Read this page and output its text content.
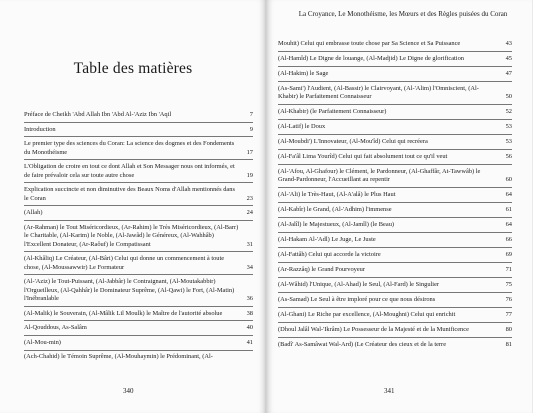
Table des matières
Préface de Cheikh 'Abd Allah Ibn 'Abd Al-'Aziz Ibn 'Aqil	7
Introduction	9
Le premier type des sciences du Coran: La science des dogmes et des Fondements du Monothéisme	17
L'Obligation de croire en tout ce dont Allah et Son Messager nous ont informés, et de faire prévaloir cela sur toute autre chose	19
Explication succincte et non diminutive des Beaux Noms d'Allah mentionnés dans le Coran	23
(Allah)	24
(Ar-Rahman) le Tout Miséricordieux, (Ar-Rahim) le Très Miséricordieux, (Al-Barr) le Charitable, (Al-Karim) le Noble, (Al-Jawâd) le Généreux, (Al-Wahhâb) l'Excellent Donateur, (Ar-Raôuf) le Compatissant	31
(Al-Khâliq) Le Créateur, (Al-Bâri) Celui qui donne un commencement à toute chose, (Al-Moussawwir) Le Formateur	34
(Al-'Aziz) le Tout-Puissant, (Al-Jabbâr) le Contraignant, (Al-Moutakabbir) l'Orgueilleux, (Al-Qahhâr) le Dominateur Suprême, (Al-Qawi) le Fort, (Al-Matin) l'Inébranlable	36
(Al-Malik) le Souverain, (Al-Mâlik Lil Moulk) le Maître de l'autorité absolue	38
Al-Qouddous, As-Salâm	40
(Al-Mou-min)	41
(Ach-Chahid) le Témoin Suprême, (Al-Mouhaymin) le Prédominant, (Al-
340
La Croyance, Le Monothéisme, les Mœurs et des Règles puisées du Coran
Mouhit) Celui qui embrasse toute chose par Sa Science et Sa Puissance	43
(Al-Hamîd) Le Digne de louange, (Al-Madjid) Le Digne de glorification	45
(Al-Hakim) le Sage	47
(As-Sami') l'Audient, (Al-Bassir) le Clairvoyant, (Al-'Alim) l'Omniscient, (Al-Khabir) le Parfaitement Connaisseur	50
(Al-Khabir) (le Parfaitement Connaisseur)	52
(Al-Latif) le Doux	53
(Al-Moubdi') L'Innovateur, (Al-Mou'îd) Celui qui recréera	53
(Al-Fa'âl Lima Yourîd) Celui qui fait absolument tout ce qu'il veut	56
(Al-'Afou, Al-Ghafour) le Clément, le Pardonneur, (Al-Ghaffâr, At-Tawwâb) le Grand-Pardonneur, l'Accueillant au repentir	60
(Al-'Ali) le Très-Haut, (Al-A'alâ) le Plus Haut	64
(Al-Kabîr) le Grand, (Al-'Adhim) l'immense	61
(Al-Jalîl) le Majestueux, (Al-Jamîl) (le Beau)	64
(Al-Hakam Al-'Adl) Le Juge, Le Juste	66
(Al-Fattâh) Celui qui accorde la victoire	69
(Ar-Razzâq) le Grand Pourvoyeur	71
(Al-Wâhid) l'Unique, (Al-Ahad) le Seul, (Al-Fard) le Singulier	75
(As-Samad) Le Seul à être imploré pour ce que nous désirons	76
(Al-Ghani) Le Riche par excellence, (Al-Moughni) Celui qui enrichit	77
(Dhoul Jalâl Wal-'Ikrâm) Le Possesseur de la Majesté et de la Munificence	80
(Badî' As-Samâwat Wal-Ard) (Le Créateur des cieux et de la terre	81
341
